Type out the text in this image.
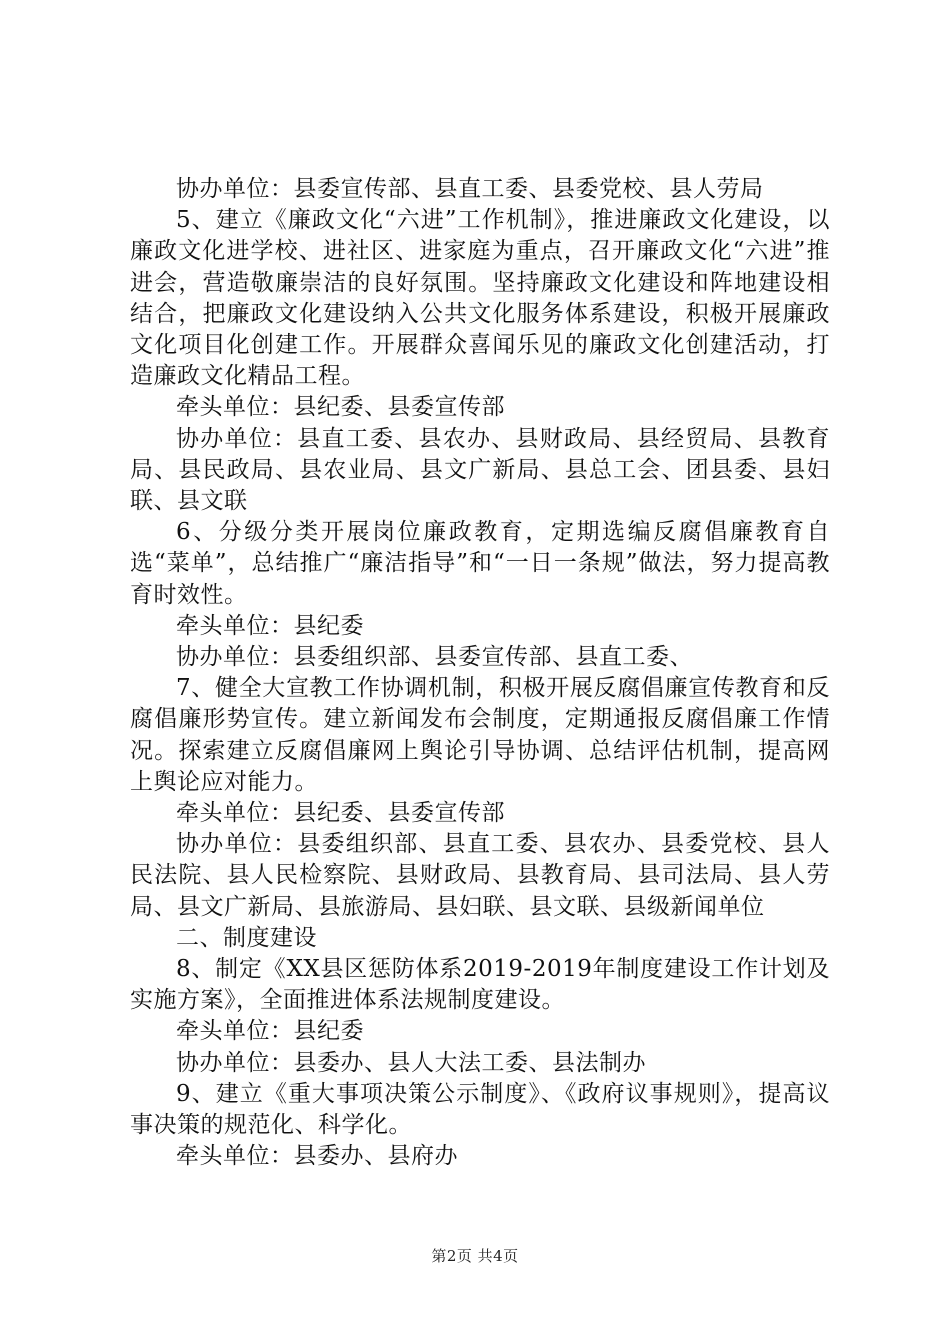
协办单位：县委宣传部、县直工委、县委党校、县人劳局

5、建立《廉政文化“六进”工作机制》，推进廉政文化建设，以廉政文化进学校、进社区、进家庭为重点，召开廉政文化“六进”推进会，营造敬廉崇洁的良好氛围。坚持廉政文化建设和阵地建设相结合，把廉政文化建设纳入公共文化服务体系建设，积极开展廉政文化项目化创建工作。开展群众喜闻乐见的廉政文化创建活动，打造廉政文化精品工程。

牵头单位：县纪委、县委宣传部

协办单位：县直工委、县农办、县财政局、县经贸局、县教育局、县民政局、县农业局、县文广新局、县总工会、团县委、县妇联、县文联

6、分级分类开展岗位廉政教育，定期选编反腐倡廉教育自选“菜单”，总结推广“廉洁指导”和“一日一条规”做法，努力提高教育时效性。

牵头单位：县纪委

协办单位：县委组织部、县委宣传部、县直工委、

7、健全大宣教工作协调机制，积极开展反腐倡廉宣传教育和反腐倡廉形势宣传。建立新闻发布会制度，定期通报反腐倡廉工作情况。探索建立反腐倡廉网上舆论引导协调、总结评估机制，提高网上舆论应对能力。

牵头单位：县纪委、县委宣传部

协办单位：县委组织部、县直工委、县农办、县委党校、县人民法院、县人民检察院、县财政局、县教育局、县司法局、县人劳局、县文广新局、县旅游局、县妇联、县文联、县级新闻单位

二、制度建设

8、制定《XX县区惩防体系2019-2019年制度建设工作计划及实施方案》，全面推进体系法规制度建设。

牵头单位：县纪委

协办单位：县委办、县人大法工委、县法制办

9、建立《重大事项决策公示制度》、《政府议事规则》，提高议事决策的规范化、科学化。

牵头单位：县委办、县府办

第2页 共4页
